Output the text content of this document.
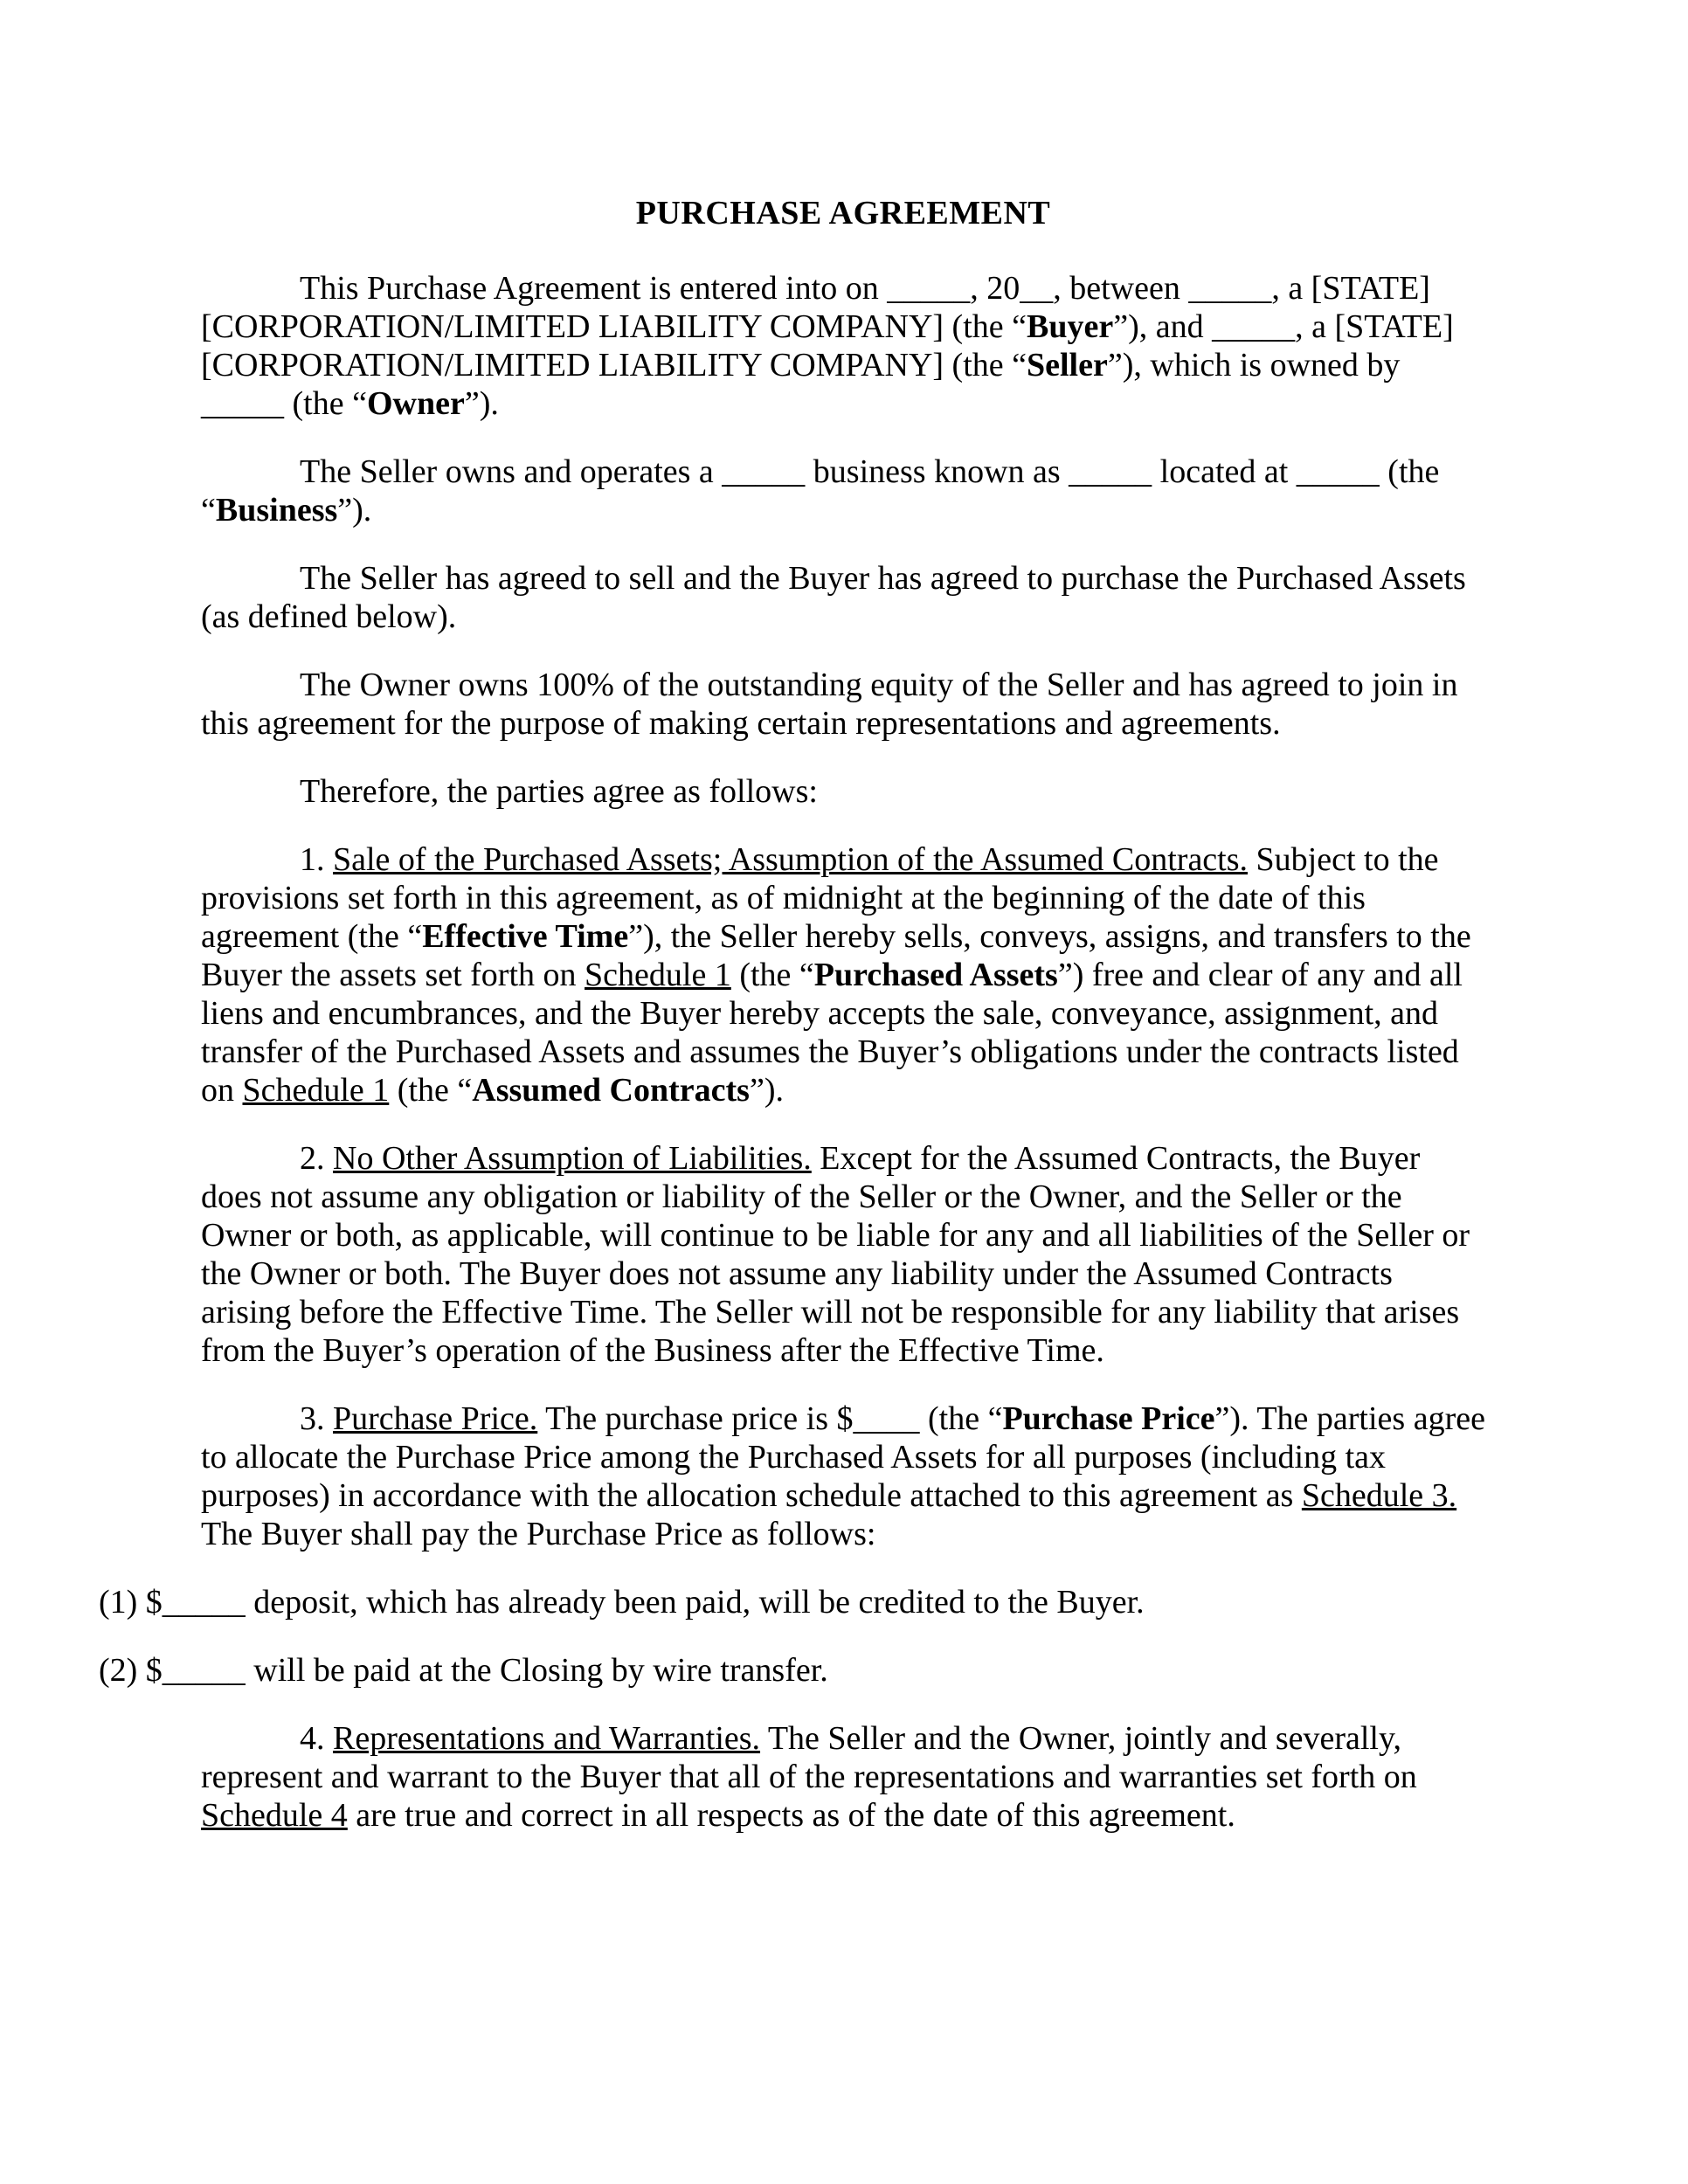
PURCHASE AGREEMENT

This Purchase Agreement is entered into on _____, 20__, between _____, a [STATE] [CORPORATION/LIMITED LIABILITY COMPANY] (the “Buyer”), and _____, a [STATE] [CORPORATION/LIMITED LIABILITY COMPANY] (the “Seller”), which is owned by _____ (the “Owner”).

The Seller owns and operates a _____ business known as _____ located at _____ (the “Business”).

The Seller has agreed to sell and the Buyer has agreed to purchase the Purchased Assets (as defined below).

The Owner owns 100% of the outstanding equity of the Seller and has agreed to join in this agreement for the purpose of making certain representations and agreements.

Therefore, the parties agree as follows:

1. Sale of the Purchased Assets; Assumption of the Assumed Contracts. Subject to the provisions set forth in this agreement, as of midnight at the beginning of the date of this agreement (the “Effective Time”), the Seller hereby sells, conveys, assigns, and transfers to the Buyer the assets set forth on Schedule 1 (the “Purchased Assets”) free and clear of any and all liens and encumbrances, and the Buyer hereby accepts the sale, conveyance, assignment, and transfer of the Purchased Assets and assumes the Buyer’s obligations under the contracts listed on Schedule 1 (the “Assumed Contracts”).

2. No Other Assumption of Liabilities. Except for the Assumed Contracts, the Buyer does not assume any obligation or liability of the Seller or the Owner, and the Seller or the Owner or both, as applicable, will continue to be liable for any and all liabilities of the Seller or the Owner or both. The Buyer does not assume any liability under the Assumed Contracts arising before the Effective Time. The Seller will not be responsible for any liability that arises from the Buyer’s operation of the Business after the Effective Time.

3. Purchase Price. The purchase price is $____ (the “Purchase Price”). The parties agree to allocate the Purchase Price among the Purchased Assets for all purposes (including tax purposes) in accordance with the allocation schedule attached to this agreement as Schedule 3. The Buyer shall pay the Purchase Price as follows:

(1) $_____ deposit, which has already been paid, will be credited to the Buyer.

(2) $_____ will be paid at the Closing by wire transfer.

4. Representations and Warranties. The Seller and the Owner, jointly and severally, represent and warrant to the Buyer that all of the representations and warranties set forth on Schedule 4 are true and correct in all respects as of the date of this agreement.
